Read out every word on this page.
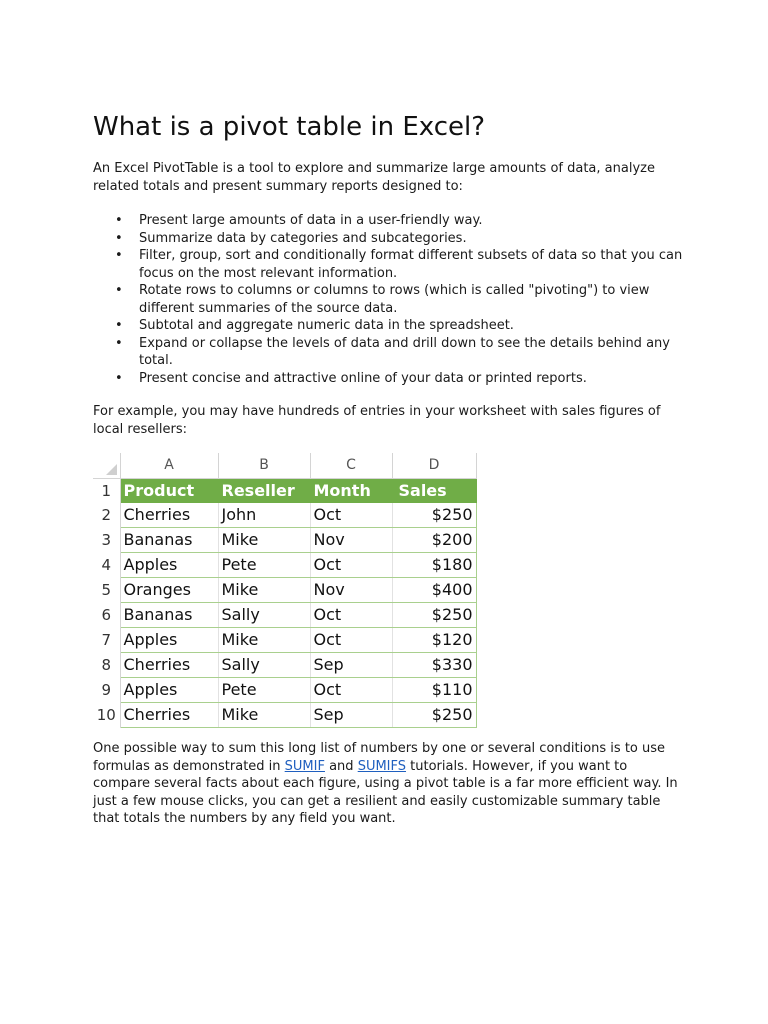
What is a pivot table in Excel?

An Excel PivotTable is a tool to explore and summarize large amounts of data, analyze related totals and present summary reports designed to:

• Present large amounts of data in a user-friendly way.
• Summarize data by categories and subcategories.
• Filter, group, sort and conditionally format different subsets of data so that you can focus on the most relevant information.
• Rotate rows to columns or columns to rows (which is called "pivoting") to view different summaries of the source data.
• Subtotal and aggregate numeric data in the spreadsheet.
• Expand or collapse the levels of data and drill down to see the details behind any total.
• Present concise and attractive online of your data or printed reports.

For example, you may have hundreds of entries in your worksheet with sales figures of local resellers:

One possible way to sum this long list of numbers by one or several conditions is to use formulas as demonstrated in SUMIF and SUMIFS tutorials. However, if you want to compare several facts about each figure, using a pivot table is a far more efficient way. In just a few mouse clicks, you can get a resilient and easily customizable summary table that totals the numbers by any field you want.

	A	B	C	D
1	Product	Reseller	Month	Sales
2	Cherries	John	Oct	$250
3	Bananas	Mike	Nov	$200
4	Apples	Pete	Oct	$180
5	Oranges	Mike	Nov	$400
6	Bananas	Sally	Oct	$250
7	Apples	Mike	Oct	$120
8	Cherries	Sally	Sep	$330
9	Apples	Pete	Oct	$110
10	Cherries	Mike	Sep	$250
